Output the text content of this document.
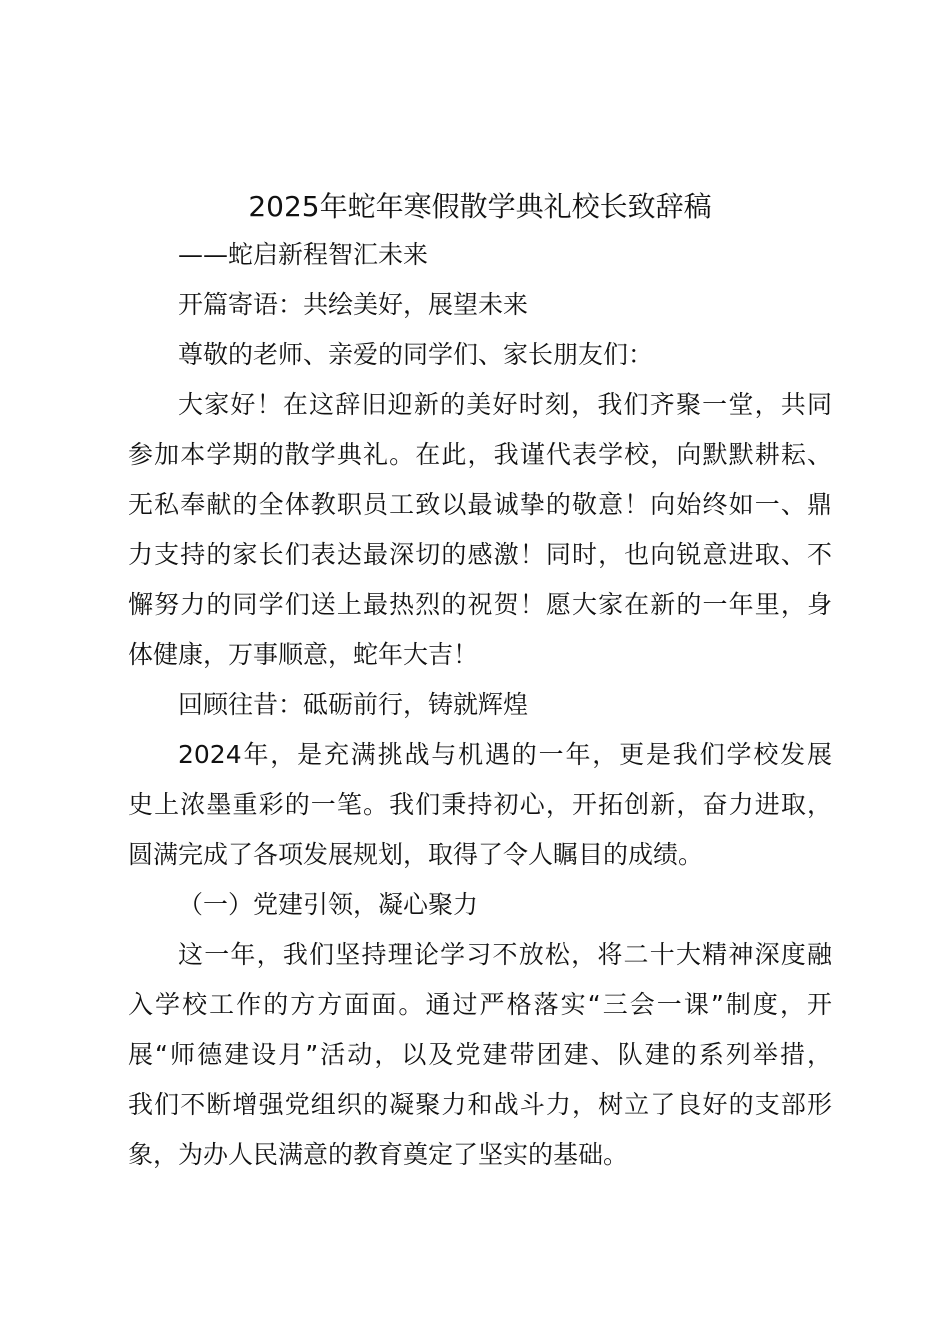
2025年蛇年寒假散学典礼校长致辞稿
——蛇启新程智汇未来
开篇寄语：共绘美好，展望未来
尊敬的老师、亲爱的同学们、家长朋友们：
大家好！在这辞旧迎新的美好时刻，我们齐聚一堂，共同
参加本学期的散学典礼。在此，我谨代表学校，向默默耕耘、
无私奉献的全体教职员工致以最诚挚的敬意！向始终如一、鼎
力支持的家长们表达最深切的感激！同时，也向锐意进取、不
懈努力的同学们送上最热烈的祝贺！愿大家在新的一年里，身
体健康，万事顺意，蛇年大吉！
回顾往昔：砥砺前行，铸就辉煌
2024年，是充满挑战与机遇的一年，更是我们学校发展
史上浓墨重彩的一笔。我们秉持初心，开拓创新，奋力进取，
圆满完成了各项发展规划，取得了令人瞩目的成绩。
（一）党建引领，凝心聚力
这一年，我们坚持理论学习不放松，将二十大精神深度融
入学校工作的方方面面。通过严格落实“三会一课”制度，开
展“师德建设月”活动，以及党建带团建、队建的系列举措，
我们不断增强党组织的凝聚力和战斗力，树立了良好的支部形
象，为办人民满意的教育奠定了坚实的基础。
